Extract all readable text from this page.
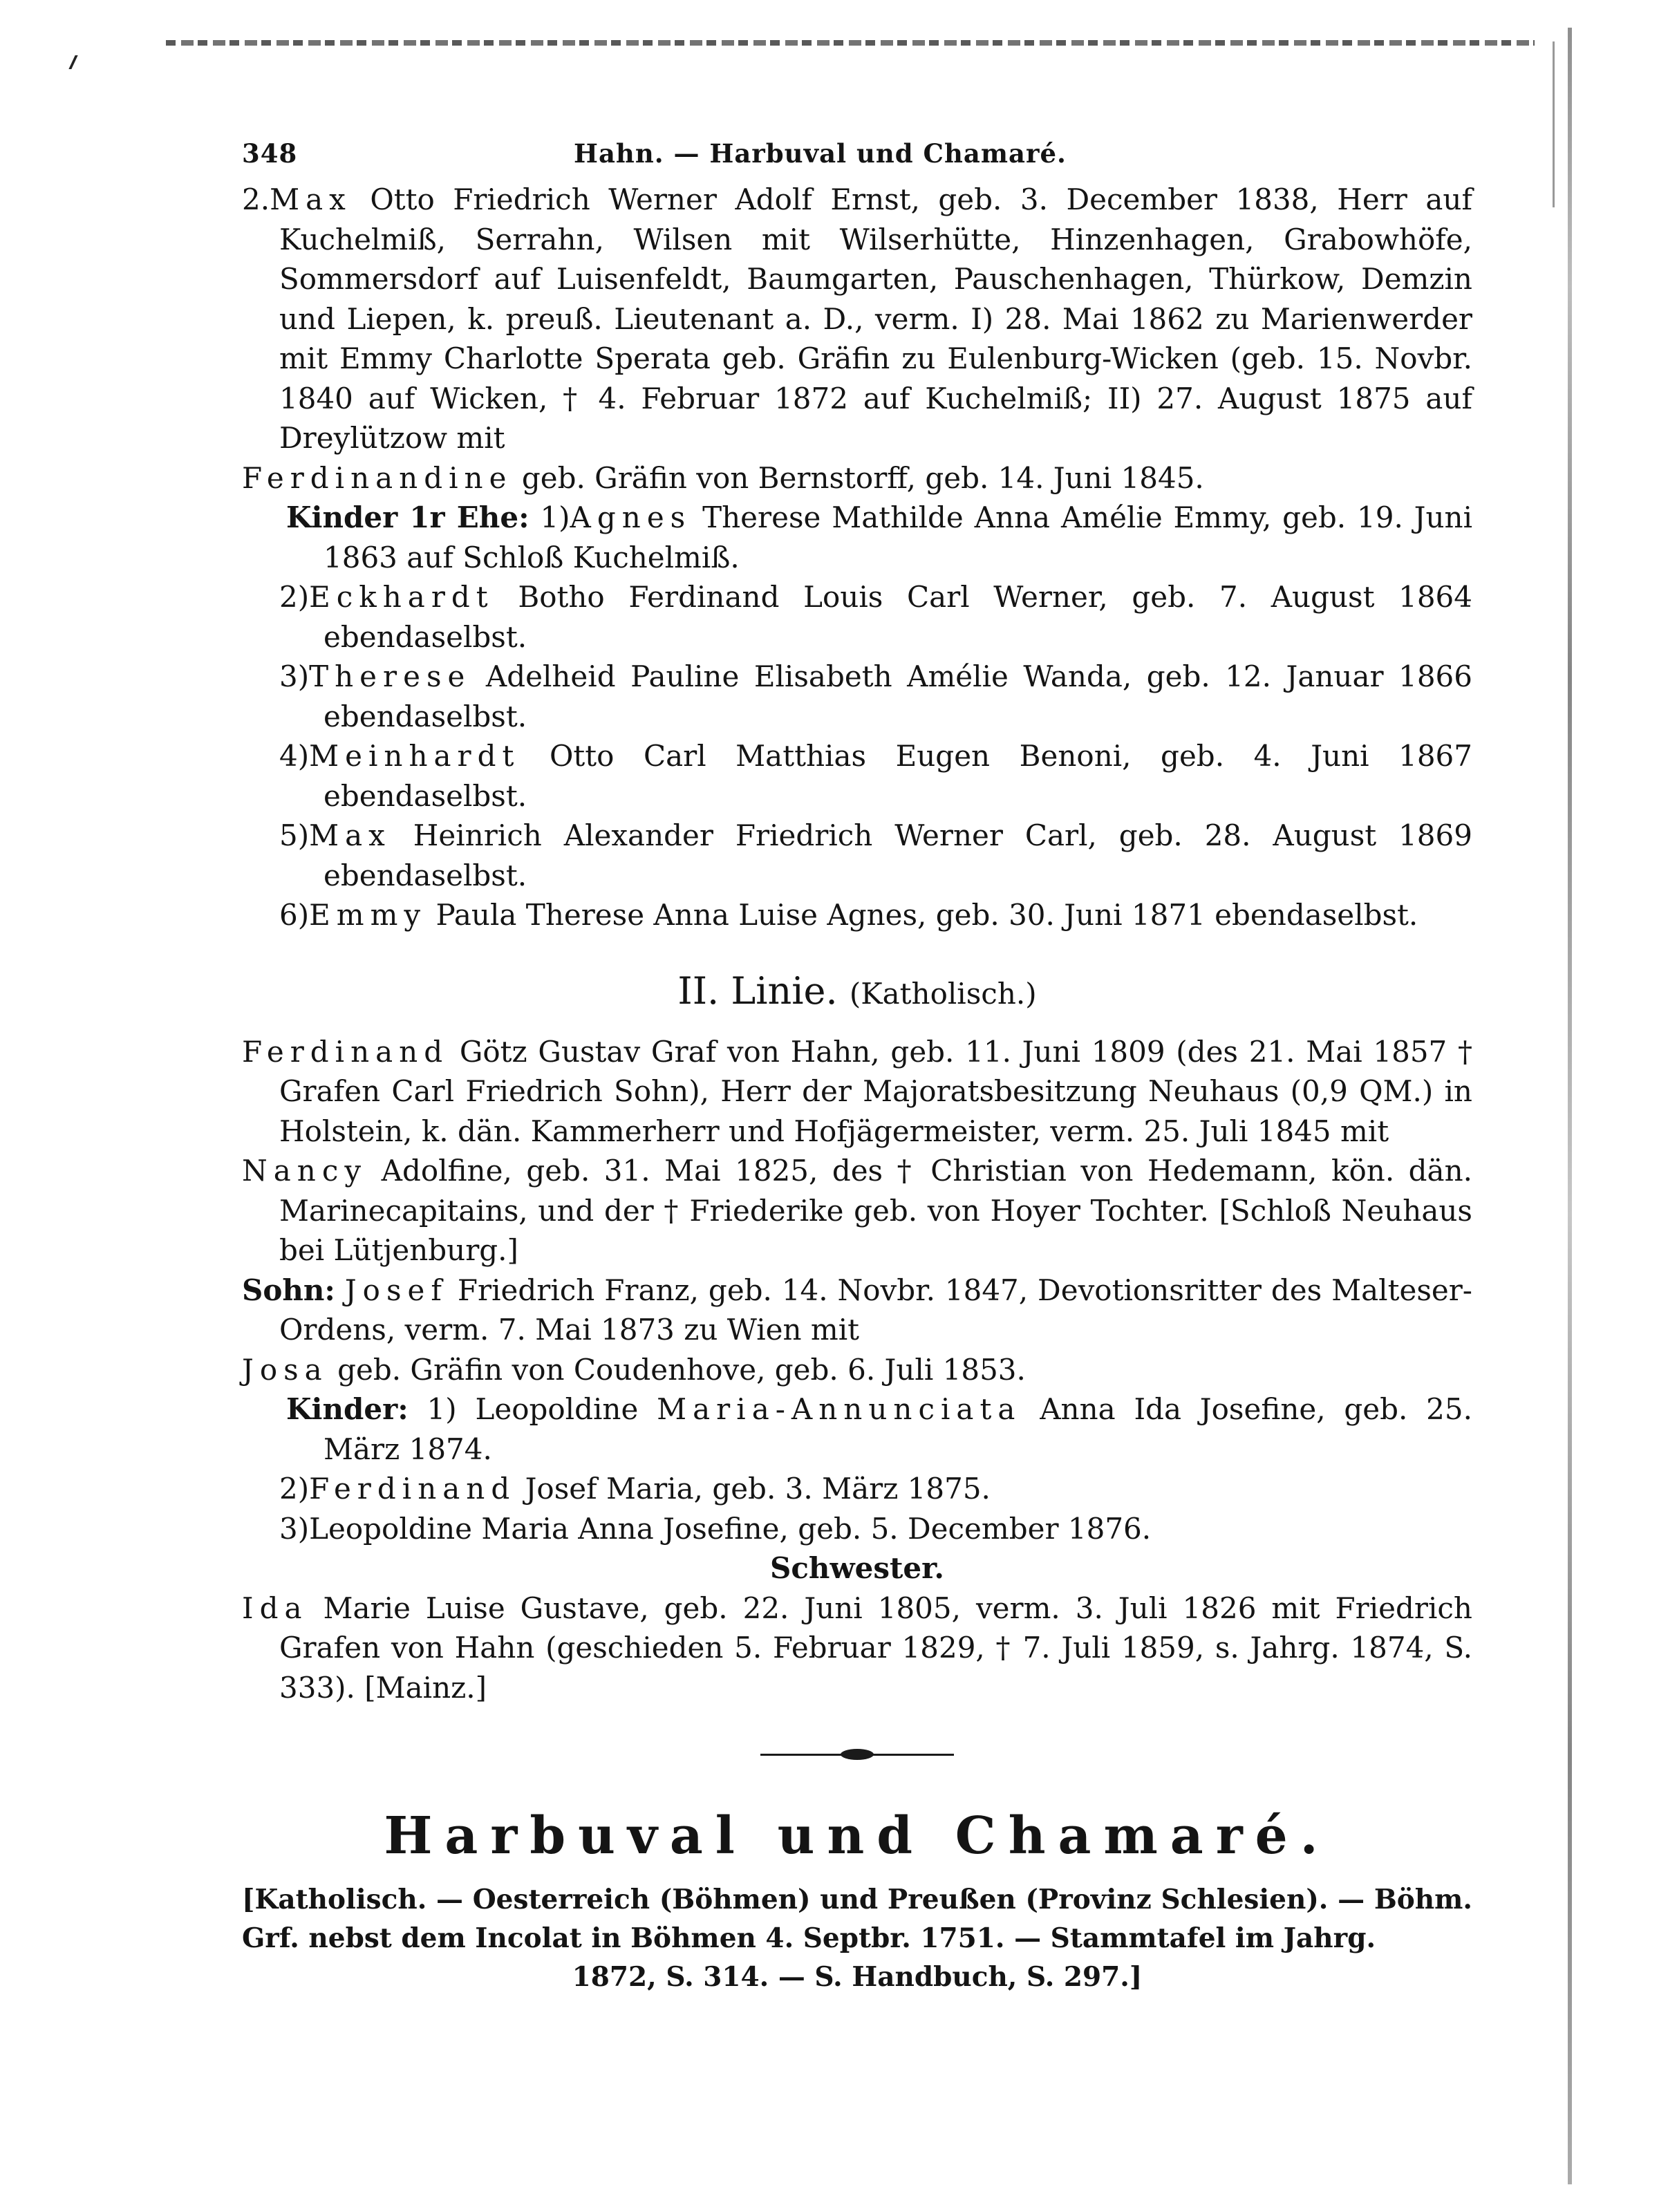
348	Hahn. — Harbuval und Chamaré.

2.Max Otto Friedrich Werner Adolf Ernst, geb. 3. December 1838, Herr auf Kuchelmiß, Serrahn, Wilsen mit Wilserhütte, Hinzenhagen, Grabowhöfe, Sommersdorf auf Luisenfeldt, Baumgarten, Pauschenhagen, Thürkow, Demzin und Liepen, k. preuß. Lieutenant a. D., verm. I) 28. Mai 1862 zu Marienwerder mit Emmy Charlotte Sperata geb. Gräfin zu Eulenburg-Wicken (geb. 15. Novbr. 1840 auf Wicken, † 4. Februar 1872 auf Kuchelmiß; II) 27. August 1875 auf Dreylützow mit

Ferdinandine geb. Gräfin von Bernstorff, geb. 14. Juni 1845.

Kinder 1r Ehe: 1)Agnes Therese Mathilde Anna Amélie Emmy, geb. 19. Juni 1863 auf Schloß Kuchelmiß.

2)Eckhardt Botho Ferdinand Louis Carl Werner, geb. 7. August 1864 ebendaselbst.

3)Therese Adelheid Pauline Elisabeth Amélie Wanda, geb. 12. Januar 1866 ebendaselbst.

4)Meinhardt Otto Carl Matthias Eugen Benoni, geb. 4. Juni 1867 ebendaselbst.

5)Max Heinrich Alexander Friedrich Werner Carl, geb. 28. August 1869 ebendaselbst.

6)Emmy Paula Therese Anna Luise Agnes, geb. 30. Juni 1871 ebendaselbst.

II. Linie. (Katholisch.)

Ferdinand Götz Gustav Graf von Hahn, geb. 11. Juni 1809 (des 21. Mai 1857 † Grafen Carl Friedrich Sohn), Herr der Majoratsbesitzung Neuhaus (0,9 QM.) in Holstein, k. dän. Kammerherr und Hofjägermeister, verm. 25. Juli 1845 mit

Nancy Adolfine, geb. 31. Mai 1825, des † Christian von Hedemann, kön. dän. Marinecapitains, und der † Friederike geb. von Hoyer Tochter. [Schloß Neuhaus bei Lütjenburg.]

Sohn: Josef Friedrich Franz, geb. 14. Novbr. 1847, Devotionsritter des Malteser-Ordens, verm. 7. Mai 1873 zu Wien mit

Josa geb. Gräfin von Coudenhove, geb. 6. Juli 1853.

Kinder: 1) Leopoldine Maria-Annunciata Anna Ida Josefine, geb. 25. März 1874.

2)Ferdinand Josef Maria, geb. 3. März 1875.

3)Leopoldine Maria Anna Josefine, geb. 5. December 1876.

Schwester.

Ida Marie Luise Gustave, geb. 22. Juni 1805, verm. 3. Juli 1826 mit Friedrich Grafen von Hahn (geschieden 5. Februar 1829, † 7. Juli 1859, s. Jahrg. 1874, S. 333). [Mainz.]

Harbuval und Chamaré.

[Katholisch. — Oesterreich (Böhmen) und Preußen (Provinz Schlesien). — Böhm. Grf. nebst dem Incolat in Böhmen 4. Septbr. 1751. — Stammtafel im Jahrg.
1872, S. 314. — S. Handbuch, S. 297.]
